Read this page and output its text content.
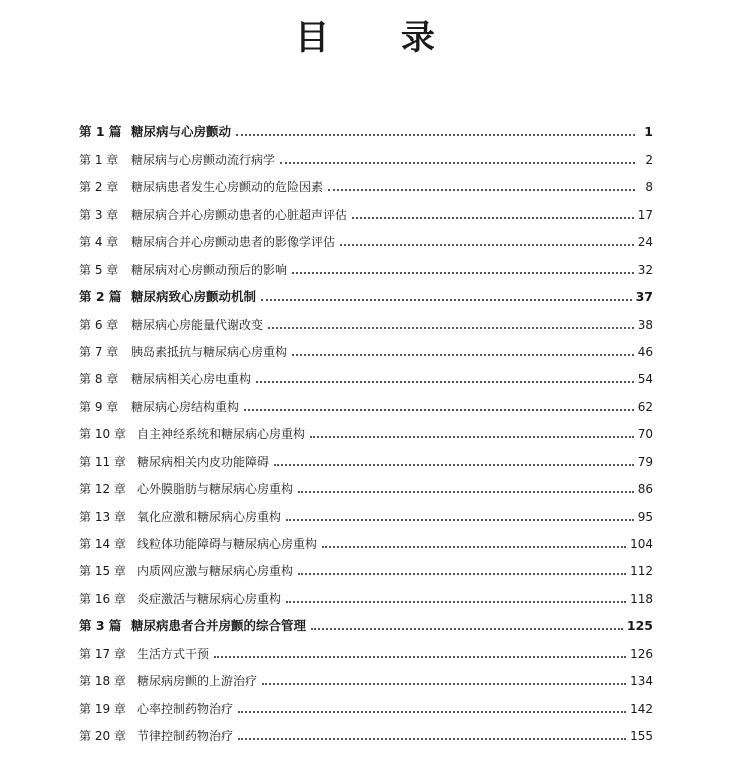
目 录
第 1 篇 糖尿病与心房颤动	1
第 1 章	糖尿病与心房颤动流行病学	2
第 2 章	糖尿病患者发生心房颤动的危险因素	8
第 3 章	糖尿病合并心房颤动患者的心脏超声评估	17
第 4 章	糖尿病合并心房颤动患者的影像学评估	24
第 5 章	糖尿病对心房颤动预后的影响	32
第 2 篇 糖尿病致心房颤动机制	37
第 6 章	糖尿病心房能量代谢改变	38
第 7 章	胰岛素抵抗与糖尿病心房重构	46
第 8 章	糖尿病相关心房电重构	54
第 9 章	糖尿病心房结构重构	62
第 10 章 自主神经系统和糖尿病心房重构	70
第 11 章 糖尿病相关内皮功能障碍	79
第 12 章 心外膜脂肪与糖尿病心房重构	86
第 13 章 氧化应激和糖尿病心房重构	95
第 14 章 线粒体功能障碍与糖尿病心房重构	104
第 15 章 内质网应激与糖尿病心房重构	112
第 16 章 炎症激活与糖尿病心房重构	118
第 3 篇 糖尿病患者合并房颤的综合管理	125
第 17 章 生活方式干预	126
第 18 章 糖尿病房颤的上游治疗	134
第 19 章 心率控制药物治疗	142
第 20 章 节律控制药物治疗	155
